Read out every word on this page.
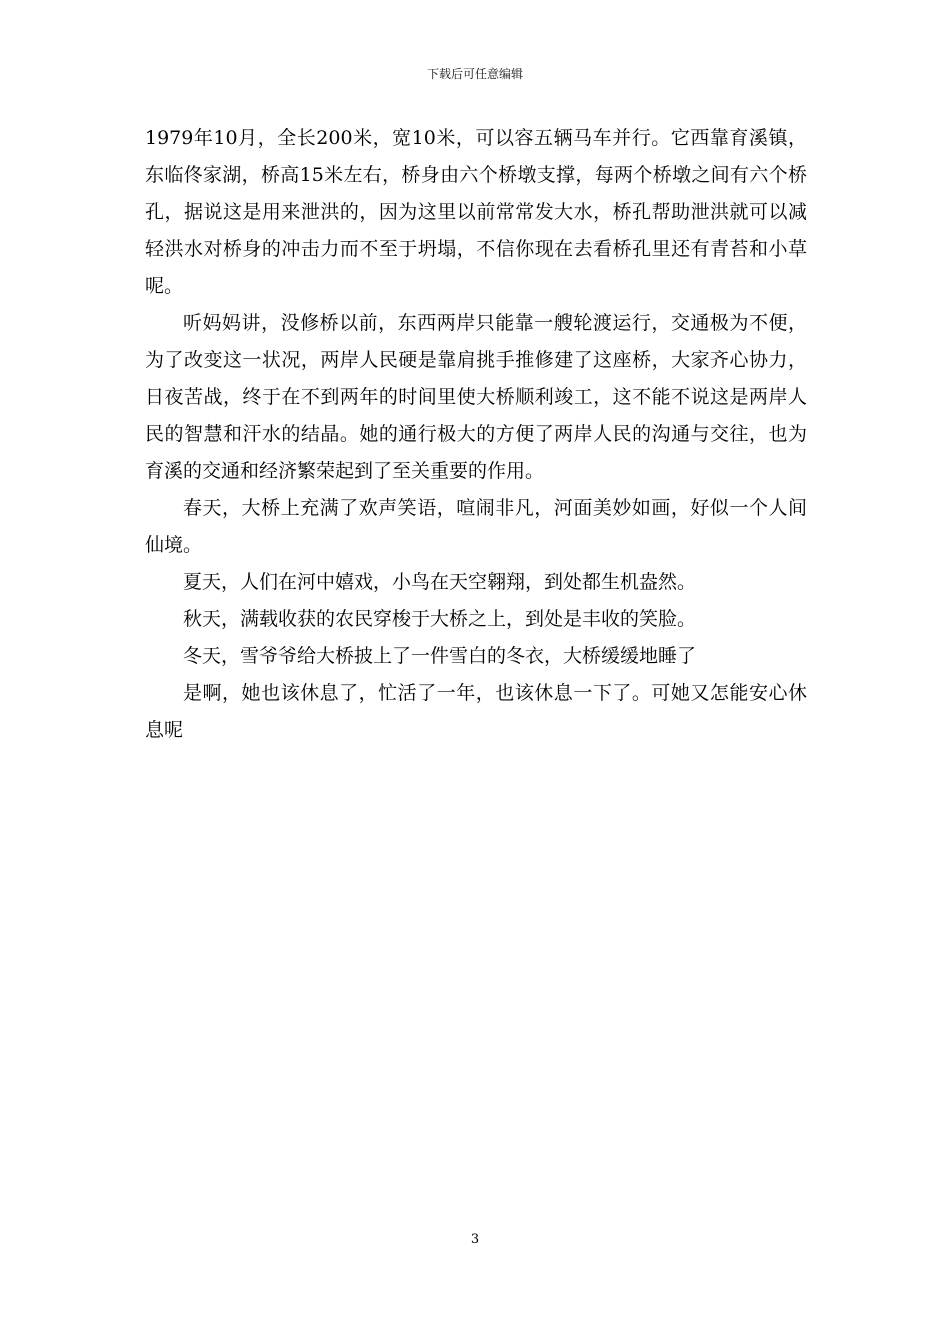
下载后可任意编辑

1979年10月，全长200米，宽10米，可以容五辆马车并行。它西靠育溪镇，东临佟家湖，桥高15米左右，桥身由六个桥墩支撑，每两个桥墩之间有六个桥孔，据说这是用来泄洪的，因为这里以前常常发大水，桥孔帮助泄洪就可以减轻洪水对桥身的冲击力而不至于坍塌，不信你现在去看桥孔里还有青苔和小草呢。

听妈妈讲，没修桥以前，东西两岸只能靠一艘轮渡运行，交通极为不便，为了改变这一状况，两岸人民硬是靠肩挑手推修建了这座桥，大家齐心协力，日夜苦战，终于在不到两年的时间里使大桥顺利竣工，这不能不说这是两岸人民的智慧和汗水的结晶。她的通行极大的方便了两岸人民的沟通与交往，也为育溪的交通和经济繁荣起到了至关重要的作用。

春天，大桥上充满了欢声笑语，喧闹非凡，河面美妙如画，好似一个人间仙境。

夏天，人们在河中嬉戏，小鸟在天空翱翔，到处都生机盎然。

秋天，满载收获的农民穿梭于大桥之上，到处是丰收的笑脸。

冬天，雪爷爷给大桥披上了一件雪白的冬衣，大桥缓缓地睡了

是啊，她也该休息了，忙活了一年，也该休息一下了。可她又怎能安心休息呢

3
